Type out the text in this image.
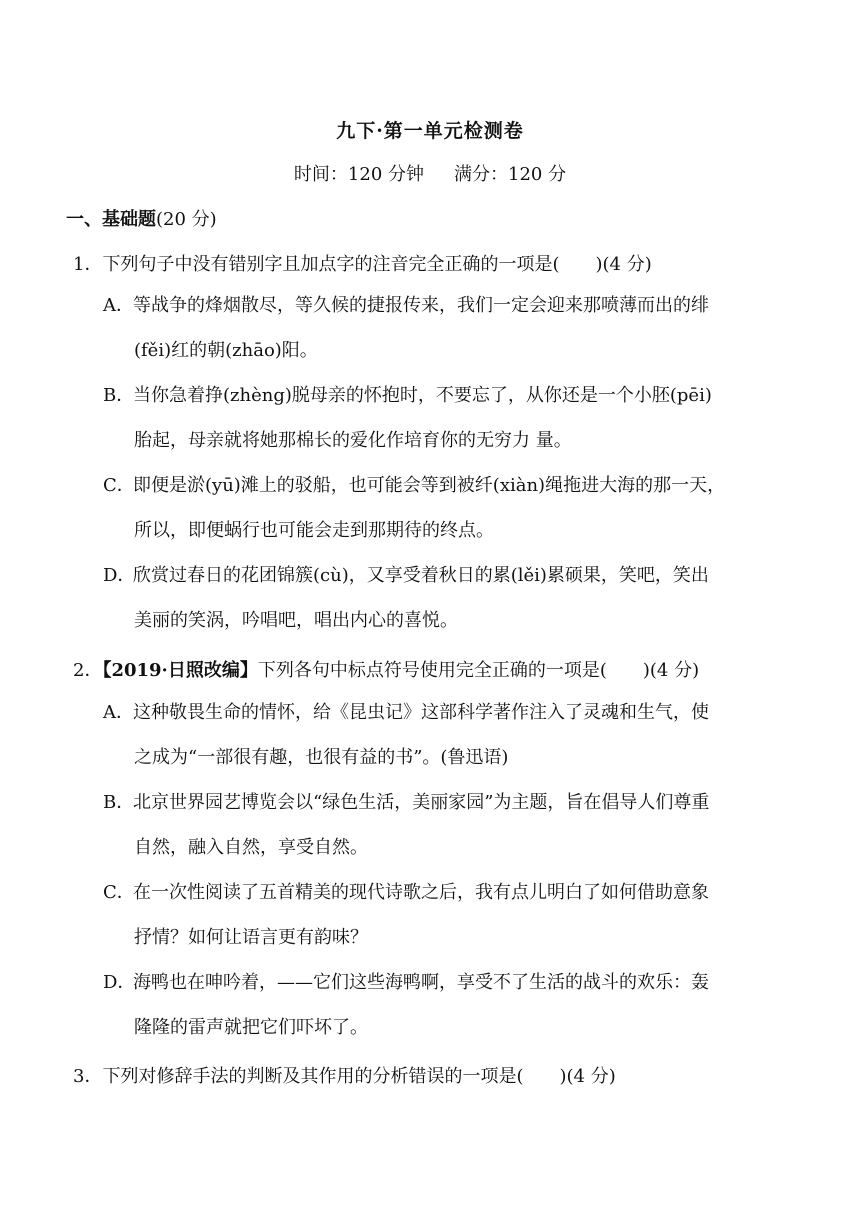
九下·第一单元检测卷
时间：120 分钟 满分：120 分
一、基础题(20 分)
1．下列句子中没有错别字且加点字的注音完全正确的一项是(　　)(4 分)
A．等战争的烽烟散尽，等久候的捷报传来，我们一定会迎来那喷薄而出的绯
(fěi)红的朝(zhāo)阳。
B．当你急着挣(zhèng)脱母亲的怀抱时，不要忘了，从你还是一个小胚(pēi)
胎起，母亲就将她那棉长的爱化作培育你的无穷力 量。
C．即便是淤(yū)滩上的驳船，也可能会等到被纤(xiàn)绳拖进大海的那一天，
所以，即便蜗行也可能会走到那期待的终点。
D．欣赏过春日的花团锦簇(cù)，又享受着秋日的累(lěi)累硕果，笑吧，笑出
美丽的笑涡，吟唱吧，唱出内心的喜悦。
2．【2019·日照改编】下列各句中标点符号使用完全正确的一项是(　　)(4 分)
A．这种敬畏生命的情怀，给《昆虫记》这部科学著作注入了灵魂和生气，使
之成为“一部很有趣，也很有益的书”。(鲁迅语)
B．北京世界园艺博览会以“绿色生活，美丽家园”为主题，旨在倡导人们尊重
自然，融入自然，享受自然。
C．在一次性阅读了五首精美的现代诗歌之后，我有点儿明白了如何借助意象
抒情？如何让语言更有韵味？
D．海鸭也在呻吟着，——它们这些海鸭啊，享受不了生活的战斗的欢乐：轰
隆隆的雷声就把它们吓坏了。
3．下列对修辞手法的判断及其作用的分析错误的一项是(　　)(4 分)
